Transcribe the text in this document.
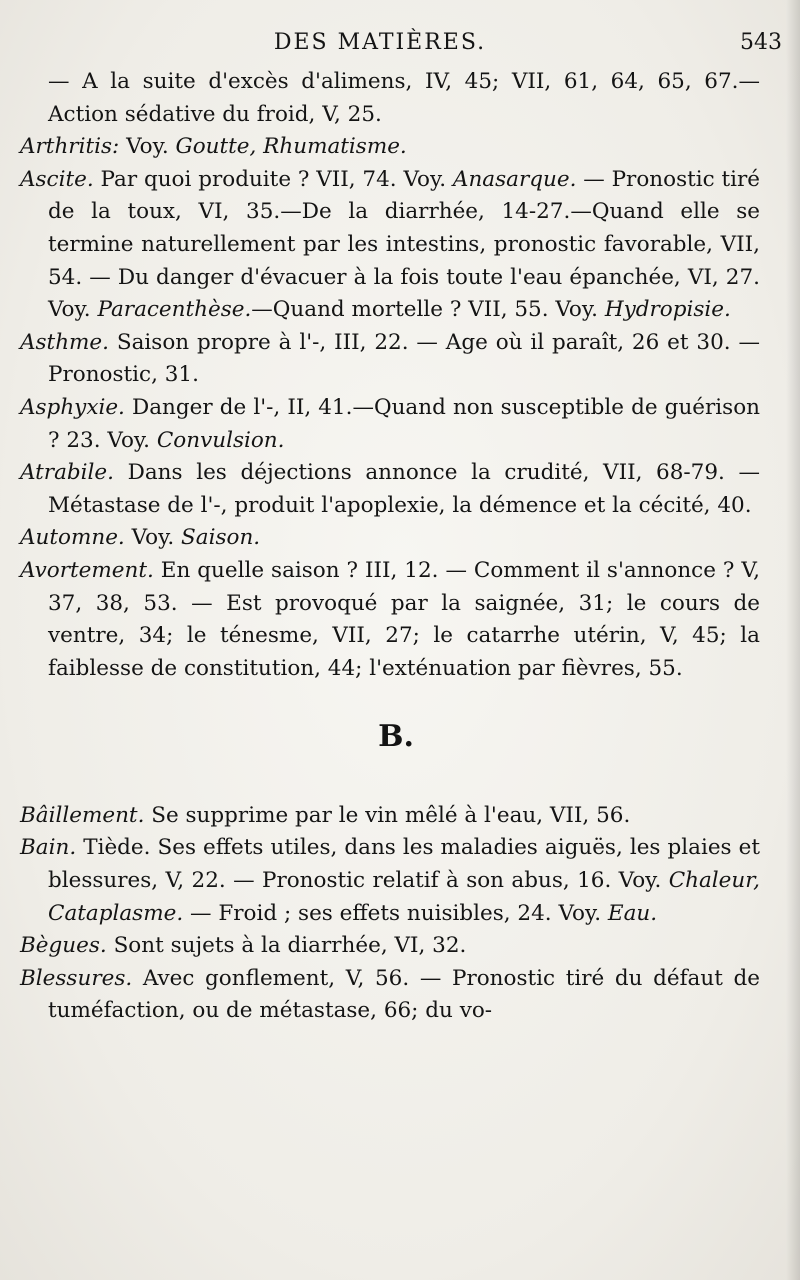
DES MATIÈRES.	543

— A la suite d'excès d'alimens, IV, 45; VII, 61, 64, 65, 67.— Action sédative du froid, V, 25.

Arthritis: Voy. Goutte, Rhumatisme.

Ascite. Par quoi produite ? VII, 74. Voy. Anasarque. — Pronostic tiré de la toux, VI, 35.—De la diarrhée, 14-27.—Quand elle se termine naturellement par les intestins, pronostic favorable, VII, 54. — Du danger d'évacuer à la fois toute l'eau épanchée, VI, 27. Voy. Paracenthèse.—Quand mortelle ? VII, 55. Voy. Hydropisie.

Asthme. Saison propre à l'-, III, 22. — Age où il paraît, 26 et 30. — Pronostic, 31.

Asphyxie. Danger de l'-, II, 41.—Quand non susceptible de guérison ? 23. Voy. Convulsion.

Atrabile. Dans les déjections annonce la crudité, VII, 68-79. — Métastase de l'-, produit l'apoplexie, la démence et la cécité, 40.

Automne. Voy. Saison.

Avortement. En quelle saison ? III, 12. — Comment il s'annonce ? V, 37, 38, 53. — Est provoqué par la saignée, 31; le cours de ventre, 34; le ténesme, VII, 27; le catarrhe utérin, V, 45; la faiblesse de constitution, 44; l'exténuation par fièvres, 55.

B.

Bâillement. Se supprime par le vin mêlé à l'eau, VII, 56.

Bain. Tiède. Ses effets utiles, dans les maladies aiguës, les plaies et blessures, V, 22. — Pronostic relatif à son abus, 16. Voy. Chaleur, Cataplasme. — Froid ; ses effets nuisibles, 24. Voy. Eau.

Bègues. Sont sujets à la diarrhée, VI, 32.

Blessures. Avec gonflement, V, 56. — Pronostic tiré du défaut de tuméfaction, ou de métastase, 66; du vo-
